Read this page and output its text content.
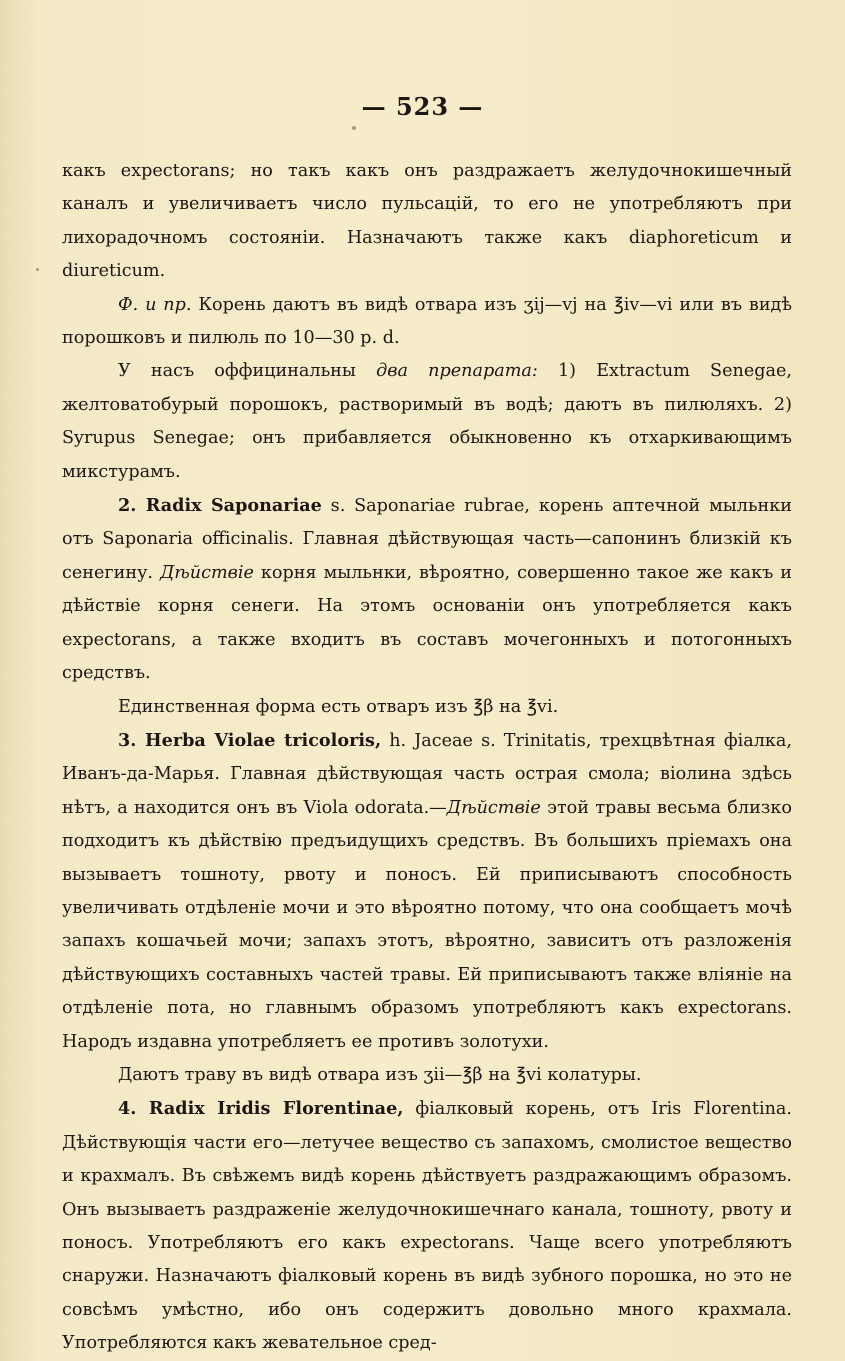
— 523 —

какъ expectorans; но такъ какъ онъ раздражаетъ желудочнокишечный каналъ и увеличиваетъ число пульсацiй, то его не употребляютъ при лихорадочномъ состоянiи. Назначаютъ также какъ diaphoreticum и diureticum.

Ф. и пр. Корень даютъ въ видѣ отвара изъ ʒij—vj на ℥iv—vi или въ видѣ порошковъ и пилюль по 10—30 р. d.

У насъ оффицинальны два препарата: 1) Extractum Senegae, желтоватобурый порошокъ, растворимый въ водѣ; даютъ въ пилюляхъ. 2) Syrupus Senegae; онъ прибавляется обыкновенно къ отхаркивающимъ микстурамъ.

2. Radix Saponariae s. Saponariae rubrae, корень аптечной мыльнки отъ Saponaria officinalis. Главная дѣйствующая часть—сапонинъ близкiй къ сенегину. Дѣйствiе корня мыльнки, вѣроятно, совершенно такое же какъ и дѣйствiе корня сенеги. На этомъ основанiи онъ употребляется какъ expectorans, а также входитъ въ составъ мочегонныхъ и потогонныхъ средствъ.

Единственная форма есть отваръ изъ ℥β на ℥vi.

3. Herba Violae tricoloris, h. Jaceae s. Trinitatis, трехцвѣтная фiалка, Иванъ-да-Марья. Главная дѣйствующая часть острая смола; вiолина здѣсь нѣтъ, а находится онъ въ Viola odorata.—Дѣйствiе этой травы весьма близко подходитъ къ дѣйствiю предъидущихъ средствъ. Въ большихъ прiемахъ она вызываетъ тошноту, рвоту и поносъ. Ей приписываютъ способность увеличивать отдѣленiе мочи и это вѣроятно потому, что она сообщаетъ мочѣ запахъ кошачьей мочи; запахъ этотъ, вѣроятно, зависитъ отъ разложенiя дѣйствующихъ составныхъ частей травы. Ей приписываютъ также влiянiе на отдѣленiе пота, но главнымъ образомъ употребляютъ какъ expectorans. Народъ издавна употребляетъ ее противъ золотухи.

Даютъ траву въ видѣ отвара изъ ʒii—℥β на ℥vi колатуры.

4. Radix Iridis Florentinae, фiалковый корень, отъ Iris Florentina. Дѣйствующiя части его—летучее вещество съ запахомъ, смолистое вещество и крахмалъ. Въ свѣжемъ видѣ корень дѣйствуетъ раздражающимъ образомъ. Онъ вызываетъ раздраженiе желудочнокишечнаго канала, тошноту, рвоту и поносъ. Употребляютъ его какъ expectorans. Чаще всего употребляютъ снаружи. Назначаютъ фiалковый корень въ видѣ зубного порошка, но это не совсѣмъ умѣстно, ибо онъ содержитъ довольно много крахмала. Употребляются какъ жевательное сред-
